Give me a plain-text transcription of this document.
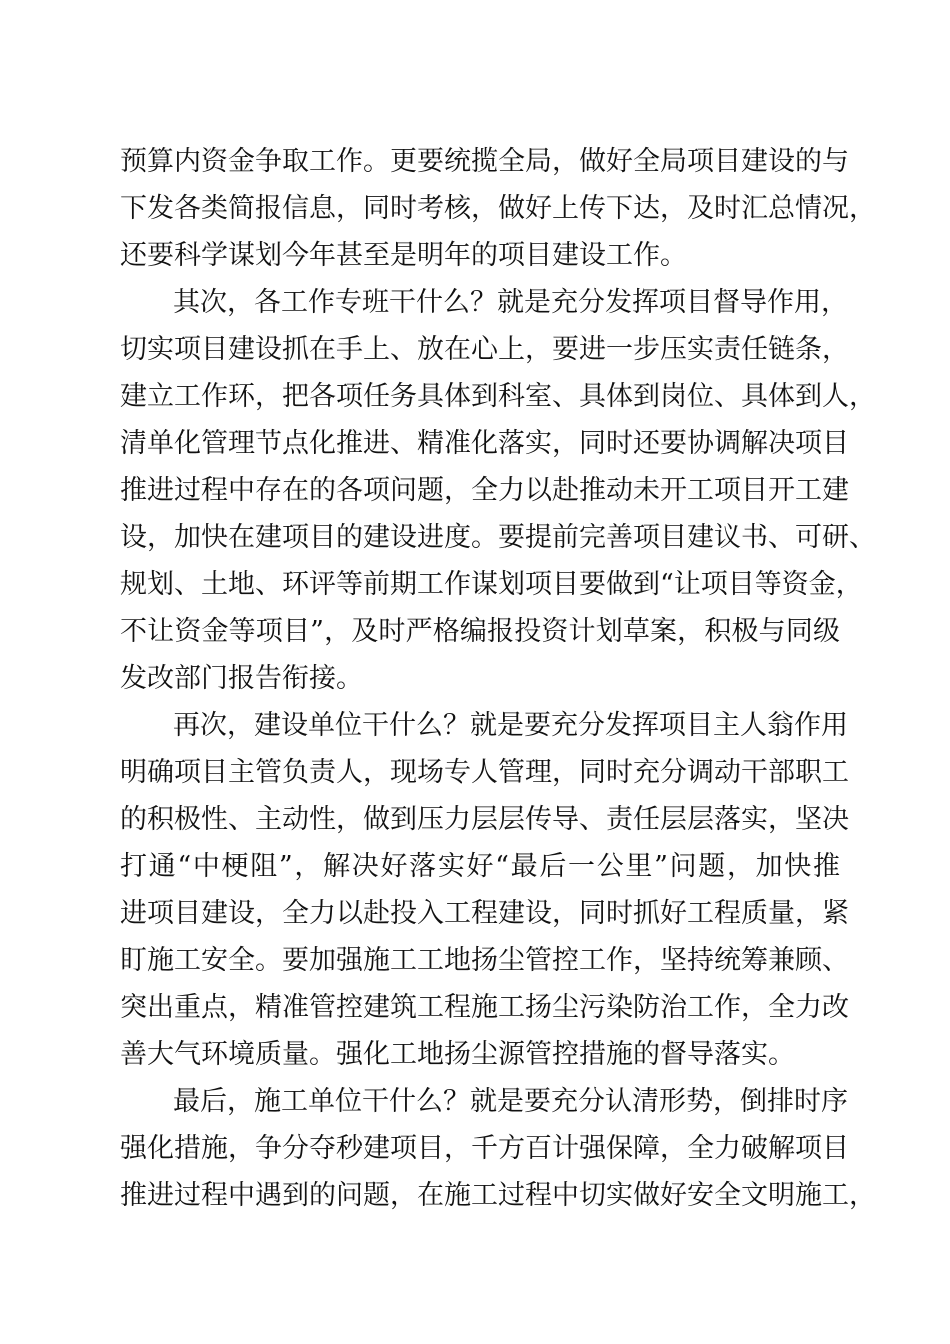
预算内资金争取工作。更要统揽全局，做好全局项目建设的与
下发各类简报信息，同时考核，做好上传下达，及时汇总情况，
还要科学谋划今年甚至是明年的项目建设工作。
其次，各工作专班干什么？就是充分发挥项目督导作用，
切实项目建设抓在手上、放在心上，要进一步压实责任链条，
建立工作环，把各项任务具体到科室、具体到岗位、具体到人，
清单化管理节点化推进、精准化落实，同时还要协调解决项目
推进过程中存在的各项问题，全力以赴推动未开工项目开工建
设，加快在建项目的建设进度。要提前完善项目建议书、可研、
规划、土地、环评等前期工作谋划项目要做到“让项目等资金，
不让资金等项目”，及时严格编报投资计划草案，积极与同级
发改部门报告衔接。
再次，建设单位干什么？就是要充分发挥项目主人翁作用
明确项目主管负责人，现场专人管理，同时充分调动干部职工
的积极性、主动性，做到压力层层传导、责任层层落实，坚决
打通“中梗阻”，解决好落实好“最后一公里”问题，加快推
进项目建设，全力以赴投入工程建设，同时抓好工程质量，紧
盯施工安全。要加强施工工地扬尘管控工作，坚持统筹兼顾、
突出重点，精准管控建筑工程施工扬尘污染防治工作，全力改
善大气环境质量。强化工地扬尘源管控措施的督导落实。
最后，施工单位干什么？就是要充分认清形势，倒排时序
强化措施，争分夺秒建项目，千方百计强保障，全力破解项目
推进过程中遇到的问题，在施工过程中切实做好安全文明施工，
